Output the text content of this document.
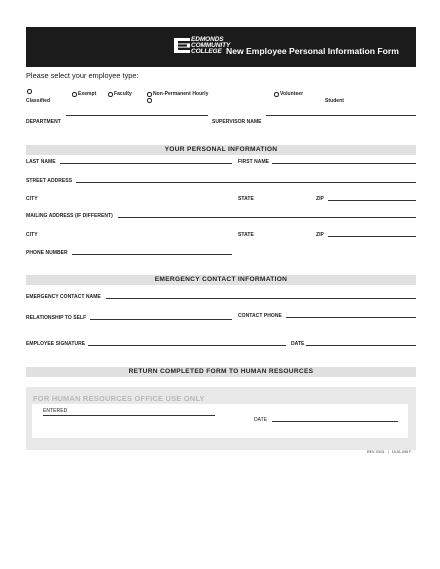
EDMONDS
COMMUNITY
COLLEGE New Employee Personal Information Form
Please select your employee type:
Classified
Exempt	Faculty	Non-Permanent Hourly	Volunteer
Student
DEPARTMENT	SUPERVISOR NAME
YOUR PERSONAL INFORMATION
LAST NAME	FIRST NAME
STREET ADDRESS
CITY	STATE	ZIP
MAILING ADDRESS (IF DIFFERENT)
CITY	STATE	ZIP
PHONE NUMBER
EMERGENCY CONTACT INFORMATION
EMERGENCY CONTACT NAME
RELATIONSHIP TO SELF	CONTACT PHONE
EMPLOYEE SIGNATURE	DATE
RETURN COMPLETED FORM TO HUMAN RESOURCES
FOR HUMAN RESOURCES OFFICE USE ONLY
ENTERED
DATE
REV. 03/11 | 19-51-095 F
